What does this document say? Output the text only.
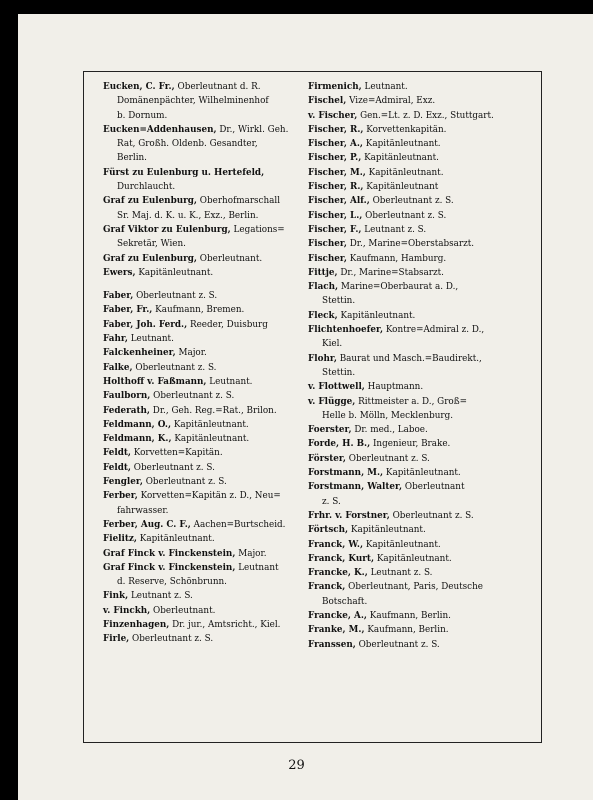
Eucken, C. Fr., Oberleutnant d. R.
Domänenpächter, Wilhelminenhof
b. Dornum.
Eucken=Addenhausen, Dr., Wirkl. Geh.
Rat, Großh. Oldenb. Gesandter,
Berlin.
Fürst zu Eulenburg u. Hertefeld,
Durchlaucht.
Graf zu Eulenburg, Oberhofmarschall
Sr. Maj. d. K. u. K., Exz., Berlin.
Graf Viktor zu Eulenburg, Legations=
Sekretär, Wien.
Graf zu Eulenburg, Oberleutnant.
Ewers, Kapitänleutnant.
Faber, Oberleutnant z. S.
Faber, Fr., Kaufmann, Bremen.
Faber, Joh. Ferd., Reeder, Duisburg
Fahr, Leutnant.
Falckenheiner, Major.
Falke, Oberleutnant z. S.
Holthoff v. Faßmann, Leutnant.
Faulborn, Oberleutnant z. S.
Federath, Dr., Geh. Reg.=Rat., Brilon.
Feldmann, O., Kapitänleutnant.
Feldmann, K., Kapitänleutnant.
Feldt, Korvetten=Kapitän.
Feldt, Oberleutnant z. S.
Fengler, Oberleutnant z. S.
Ferber, Korvetten=Kapitän z. D., Neu=
fahrwasser.
Ferber, Aug. C. F., Aachen=Burtscheid.
Fielitz, Kapitänleutnant.
Graf Finck v. Finckenstein, Major.
Graf Finck v. Finckenstein, Leutnant
d. Reserve, Schönbrunn.
Fink, Leutnant z. S.
v. Finckh, Oberleutnant.
Finzenhagen, Dr. jur., Amtsricht., Kiel.
Firle, Oberleutnant z. S.
Firmenich, Leutnant.
Fischel, Vize=Admiral, Exz.
v. Fischer, Gen.=Lt. z. D. Exz., Stuttgart.
Fischer, R., Korvettenkapitän.
Fischer, A., Kapitänleutnant.
Fischer, P., Kapitänleutnant.
Fischer, M., Kapitänleutnant.
Fischer, R., Kapitänleutnant
Fischer, Alf., Oberleutnant z. S.
Fischer, L., Oberleutnant z. S.
Fischer, F., Leutnant z. S.
Fischer, Dr., Marine=Oberstabsarzt.
Fischer, Kaufmann, Hamburg.
Fittje, Dr., Marine=Stabsarzt.
Flach, Marine=Oberbaurat a. D.,
Stettin.
Fleck, Kapitänleutnant.
Flichtenhoefer, Kontre=Admiral z. D.,
Kiel.
Flohr, Baurat und Masch.=Baudirekt.,
Stettin.
v. Flottwell, Hauptmann.
v. Flügge, Rittmeister a. D., Groß=
Helle b. Mölln, Mecklenburg.
Foerster, Dr. med., Laboe.
Forde, H. B., Ingenieur, Brake.
Förster, Oberleutnant z. S.
Forstmann, M., Kapitänleutnant.
Forstmann, Walter, Oberleutnant
z. S.
Frhr. v. Forstner, Oberleutnant z. S.
Förtsch, Kapitänleutnant.
Franck, W., Kapitänleutnant.
Franck, Kurt, Kapitänleutnant.
Francke, K., Leutnant z. S.
Franck, Oberleutnant, Paris, Deutsche
Botschaft.
Francke, A., Kaufmann, Berlin.
Franke, M., Kaufmann, Berlin.
Franssen, Oberleutnant z. S.
29
